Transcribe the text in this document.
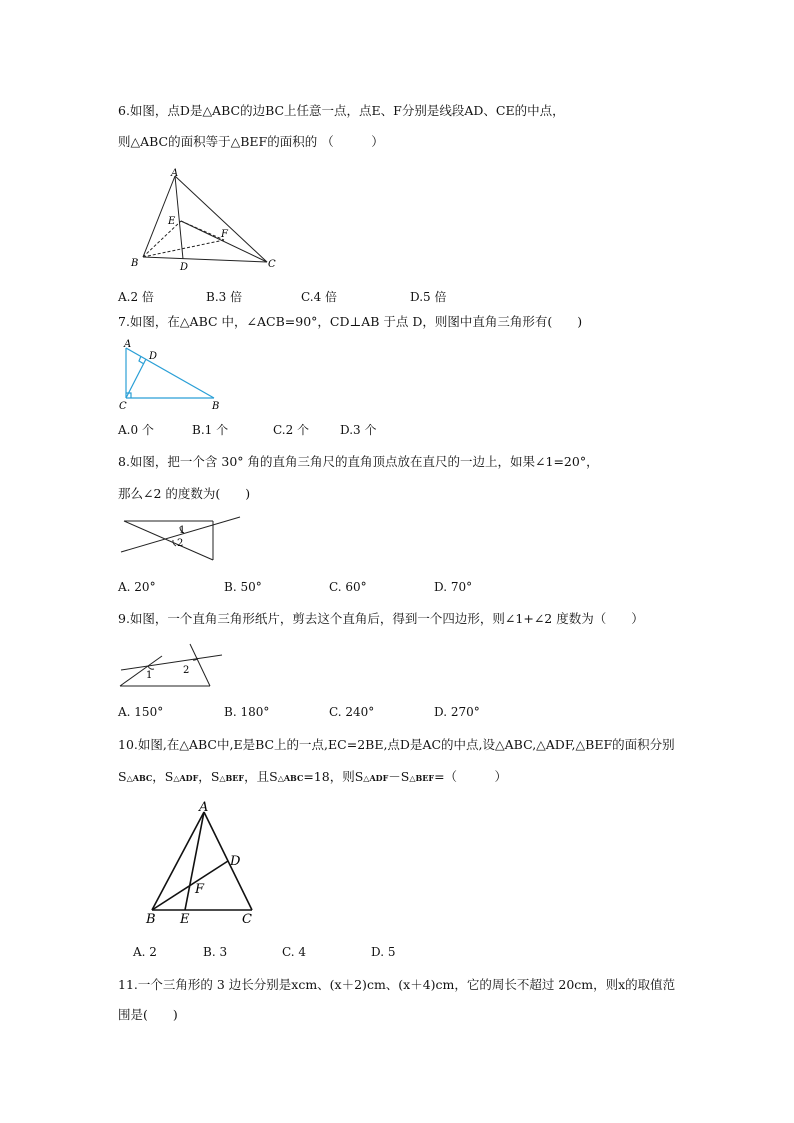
6.如图，点D是△ABC的边BC上任意一点，点E、F分别是线段AD、CE的中点，
则△ABC的面积等于△BEF的面积的 （　　　）
A
B	C
D
E
F
A.2 倍	B.3 倍	C.4 倍	D.5 倍
7.如图，在△ABC 中，∠ACB=90°，CD⊥AB 于点 D，则图中直角三角形有(　　)
A
D
C	B
A.0 个	B.1 个	C.2 个	D.3 个
8.如图，把一个含 30° 角的直角三角尺的直角顶点放在直尺的一边上，如果∠1=20°，
那么∠2 的度数为(　　)
1
2
A. 20°	B. 50°	C. 60°	D. 70°
9.如图，一个直角三角形纸片，剪去这个直角后，得到一个四边形，则∠1+∠2 度数为（　　）
1	2
A. 150°	B. 180°	C. 240°	D. 270°
10.如图,在△ABC中,E是BC上的一点,EC=2BE,点D是AC的中点,设△ABC,△ADF,△BEF的面积分别
S△ABC，S△ADF，S△BEF，且S△ABC=18，则S△ADF－S△BEF=（　　　）
A
B	C
D
E
F
A. 2	B. 3	C. 4	D. 5
11.一个三角形的 3 边长分别是xcm、(x＋2)cm、(x＋4)cm，它的周长不超过 20cm，则x的取值范
围是(　　)
